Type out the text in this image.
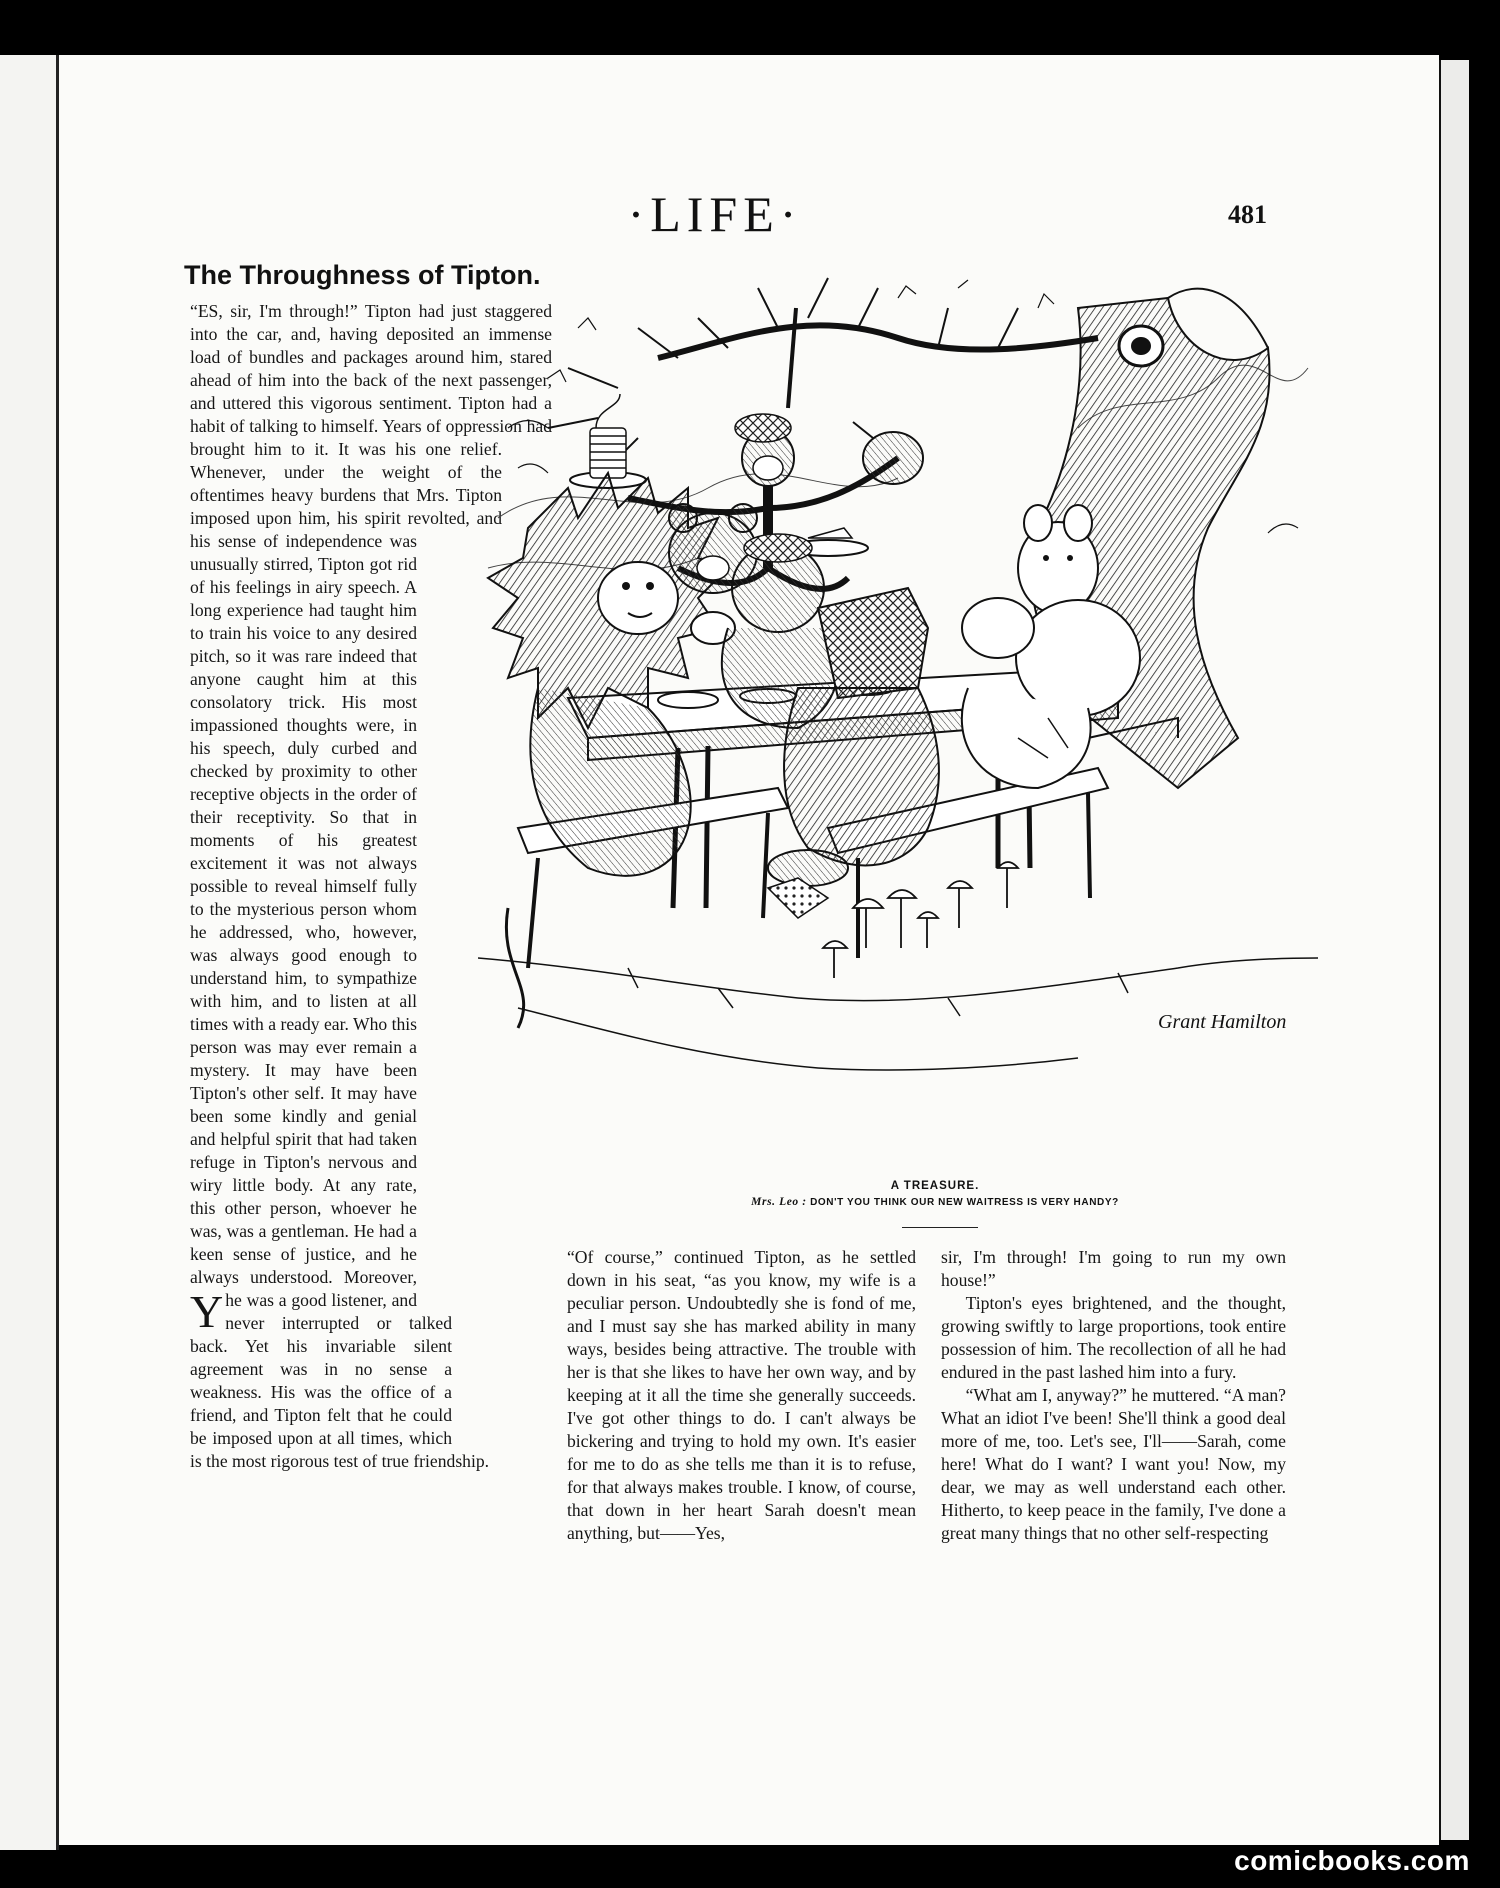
·LIFE·	481
The Throughness of Tipton.

“
Y
ES, sir, I'm through!” Tipton had just staggered into the car, and, having deposited an immense load of bundles and packages around him, stared ahead of him into the back of the next passenger, and uttered this vigorous sentiment. Tipton had a habit of talking to himself. Years of oppression had brought him to it. It was his one relief. Whenever, under the weight of the oftentimes heavy burdens that Mrs. Tipton imposed upon him, his spirit revolted, and his sense of independence was unusually stirred, Tipton got rid of his feelings in airy speech. A long experience had taught him to train his voice to any desired pitch, so it was rare indeed that anyone caught him at this consolatory trick. His most impassioned thoughts were, in his speech, duly curbed and checked by proximity to other receptive objects in the order of their receptivity. So that in moments of his greatest excitement it was not always possible to reveal himself fully to the mysterious person whom he addressed, who, however, was always good enough to understand him, to sympathize with him, and to listen at all times with a ready ear. Who this person was may ever remain a mystery. It may have been Tipton's other self. It may have been some kindly and genial and helpful spirit that had taken refuge in Tipton's nervous and wiry little body. At any rate, this other person, whoever he was, was a gentleman. He had a keen sense of justice, and he always understood. Moreover, he was a good listener, and never interrupted or talked back. Yet his invariable silent agreement was in no sense a weakness. His was the office of a friend, and Tipton felt that he could be imposed upon at all times, which is the most rigorous test of true friendship.

“Of course,” continued Tipton, as he settled down in his seat, “as you know, my wife is a peculiar person. Undoubtedly she is fond of me, and I must say she has marked ability in many ways, besides being attractive. The trouble with her is that she likes to have her own way, and by keeping at it all the time she generally succeeds. I've got other things to do. I can't always be bickering and trying to hold my own. It's easier for me to do as she tells me than it is to refuse, for that always makes trouble. I know, of course, that down in her heart Sarah doesn't mean anything, but——Yes,

sir, I'm through! I'm going to run my own house!”

Tipton's eyes brightened, and the thought, growing swiftly to large proportions, took entire possession of him. The recollection of all he had endured in the past lashed him into a fury.

“What am I, anyway?” he muttered. “A man? What an idiot I've been! She'll think a good deal more of me, too. Let's see, I'll——Sarah, come here! What do I want? I want you! Now, my dear, we may as well understand each other. Hitherto, to keep peace in the family, I've done a great many things that no other self-respecting

Grant Hamilton
A TREASURE.
Mrs. Leo : DON'T YOU THINK OUR NEW WAITRESS IS VERY HANDY?
comicbooks.com
